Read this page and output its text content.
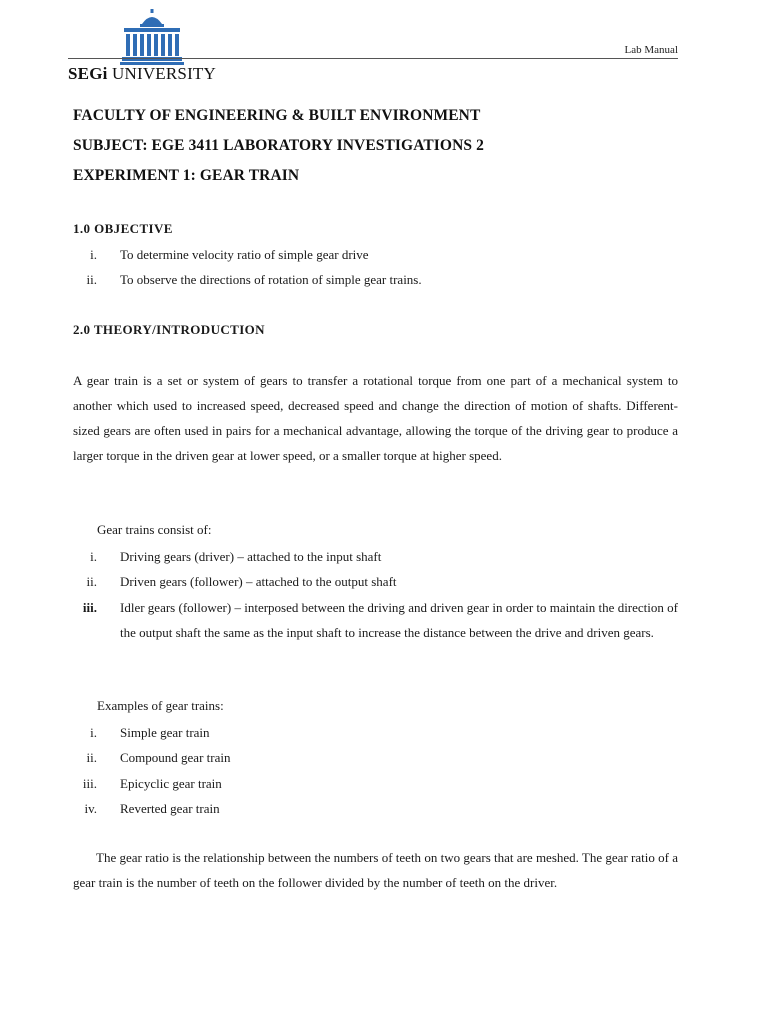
Lab Manual
SEGi UNIVERSITY
FACULTY OF ENGINEERING & BUILT ENVIRONMENT
SUBJECT: EGE 3411 LABORATORY INVESTIGATIONS 2
EXPERIMENT 1: GEAR TRAIN
1.0 OBJECTIVE
i. To determine velocity ratio of simple gear drive
ii. To observe the directions of rotation of simple gear trains.
2.0 THEORY/INTRODUCTION

A gear train is a set or system of gears to transfer a rotational torque from one part of a mechanical system to another which used to increased speed, decreased speed and change the direction of motion of shafts. Different-sized gears are often used in pairs for a mechanical advantage, allowing the torque of the driving gear to produce a larger torque in the driven gear at lower speed, or a smaller torque at higher speed.

Gear trains consist of:
i. Driving gears (driver) – attached to the input shaft
ii. Driven gears (follower) – attached to the output shaft
iii. Idler gears (follower) – interposed between the driving and driven gear in order to maintain the direction of the output shaft the same as the input shaft to increase the distance between the drive and driven gears.
Examples of gear trains:
i. Simple gear train
ii. Compound gear train
iii. Epicyclic gear train
iv. Reverted gear train

The gear ratio is the relationship between the numbers of teeth on two gears that are meshed. The gear ratio of a gear train is the number of teeth on the follower divided by the number of teeth on the driver.
